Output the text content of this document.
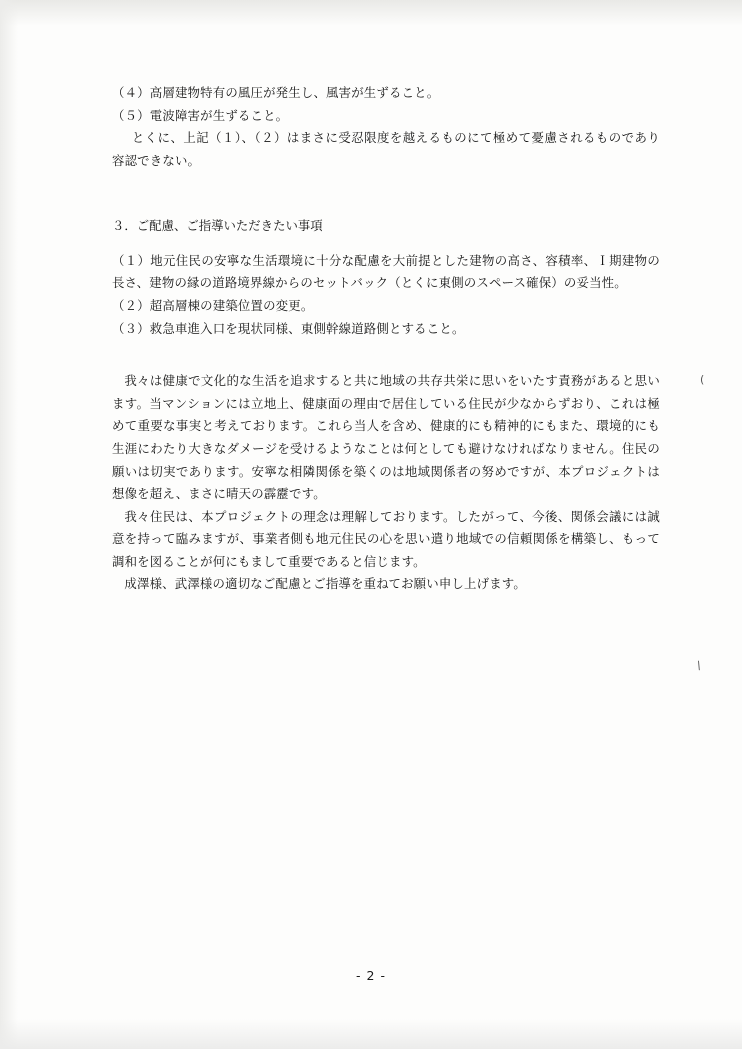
（４）高層建物特有の風圧が発生し、風害が生ずること。

（５）電波障害が生ずること。

とくに、上記（１）、（２）はまさに受忍限度を越えるものにて極めて憂慮されるものであり容認できない。

３．ご配慮、ご指導いただきたい事項

（１）地元住民の安寧な生活環境に十分な配慮を大前提とした建物の高さ、容積率、Ｉ期建物の長さ、建物の縁の道路境界線からのセットバック（とくに東側のスペース確保）の妥当性。

（２）超高層棟の建築位置の変更。

（３）救急車進入口を現状同様、東側幹線道路側とすること。

我々は健康で文化的な生活を追求すると共に地域の共存共栄に思いをいたす責務があると思います。当マンションには立地上、健康面の理由で居住している住民が少なからずおり、これは極めて重要な事実と考えております。これら当人を含め、健康的にも精神的にもまた、環境的にも生涯にわたり大きなダメージを受けるようなことは何としても避けなければなりません。住民の願いは切実であります。安寧な相隣関係を築くのは地域関係者の努めですが、本プロジェクトは想像を超え、まさに晴天の霹靂です。

我々住民は、本プロジェクトの理念は理解しております。したがって、今後、関係会議には誠意を持って臨みますが、事業者側も地元住民の心を思い遣り地域での信頼関係を構築し、もって調和を図ることが何にもまして重要であると信じます。

成澤様、武澤様の適切なご配慮とご指導を重ねてお願い申し上げます。

(
\
- 2 -
